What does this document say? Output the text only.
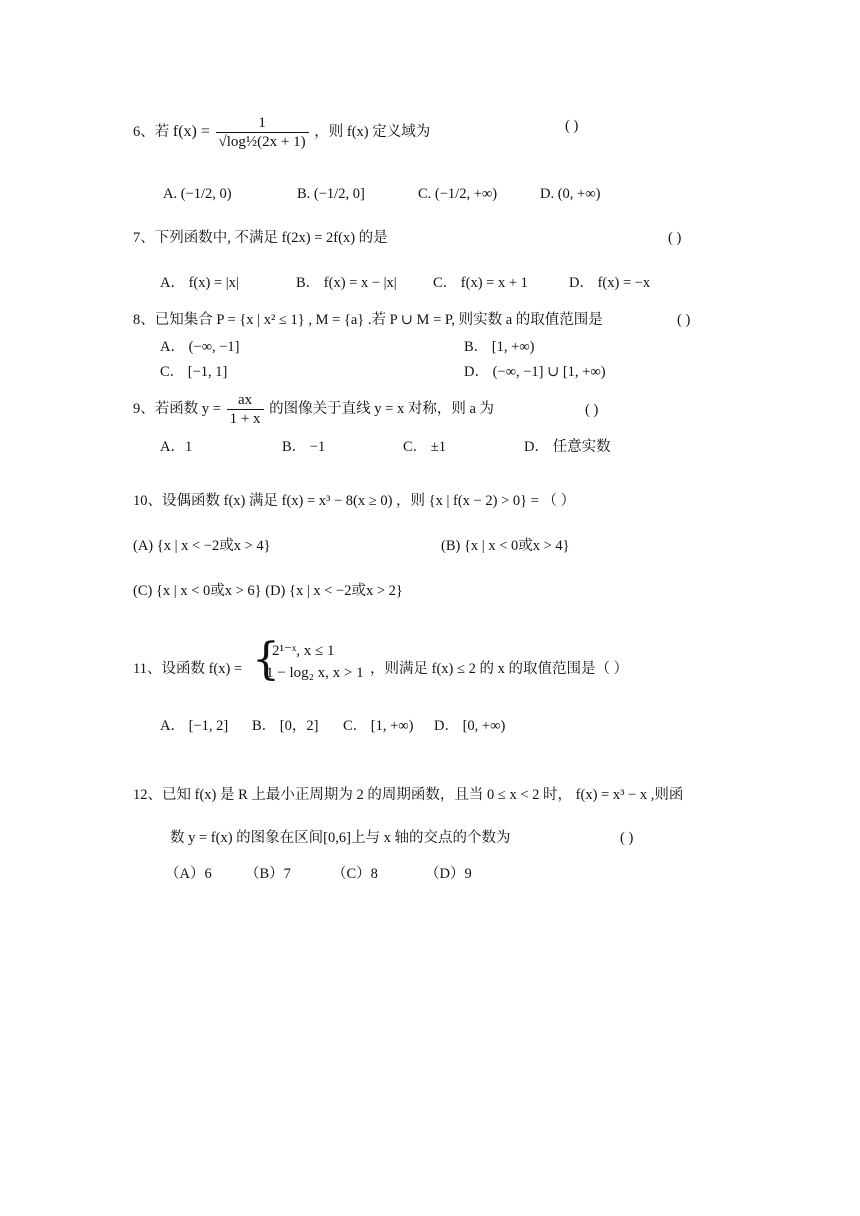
6、若 $f(x) = \frac{1}{\text{√log½(2x + 1)}}$ ，则 f(x) 定义域为	( )
A. (−1/2, 0)	B. (−1/2, 0]	C. (−1/2, +∞)	D. (0, +∞)
7、下列函数中, 不满足 f(2x) = 2f(x) 的是	( )
A． f(x) = |x|	B． f(x) = x − |x|	C． f(x) = x + 1	D． f(x) = −x
8、已知集合 P = {x | x² ≤ 1} , M = {a} .若 P ∪ M = P, 则实数 a 的取值范围是	( )
A． (−∞, −1]	B． [1, +∞)
C． [−1, 1]	D． (−∞, −1] ∪ [1, +∞)
9、若函数 $y = \frac{ax}{1 + x}$ 的图像关于直线 y = x 对称，则 a 为	( )
A．1	B． −1	C． ±1	D． 任意实数
10、设偶函数 f(x) 满足 f(x) = x³ − 8(x ≥ 0) ，则 {x | f(x − 2) > 0} = （ ）
(A) {x | x < −2或x > 4}	(B) {x | x < 0或x > 4}
(C) {x | x < 0或x > 6} (D) {x | x < −2或x > 2}
11、设函数 f(x) = {
2¹⁻ˣ, x ≤ 1
1 − log₂ x, x > 1 ，则满足 f(x) ≤ 2 的 x 的取值范围是（ ）
A． [−1, 2] B． [0，2] C． [1, +∞) D． [0, +∞)
12、已知 f(x) 是 R 上最小正周期为 2 的周期函数，且当 0 ≤ x < 2 时， f(x) = x³ − x ,则函
数 y = f(x) 的图象在区间[0,6]上与 x 轴的交点的个数为	( )
（A）6 （B）7	（C）8	（D）9
